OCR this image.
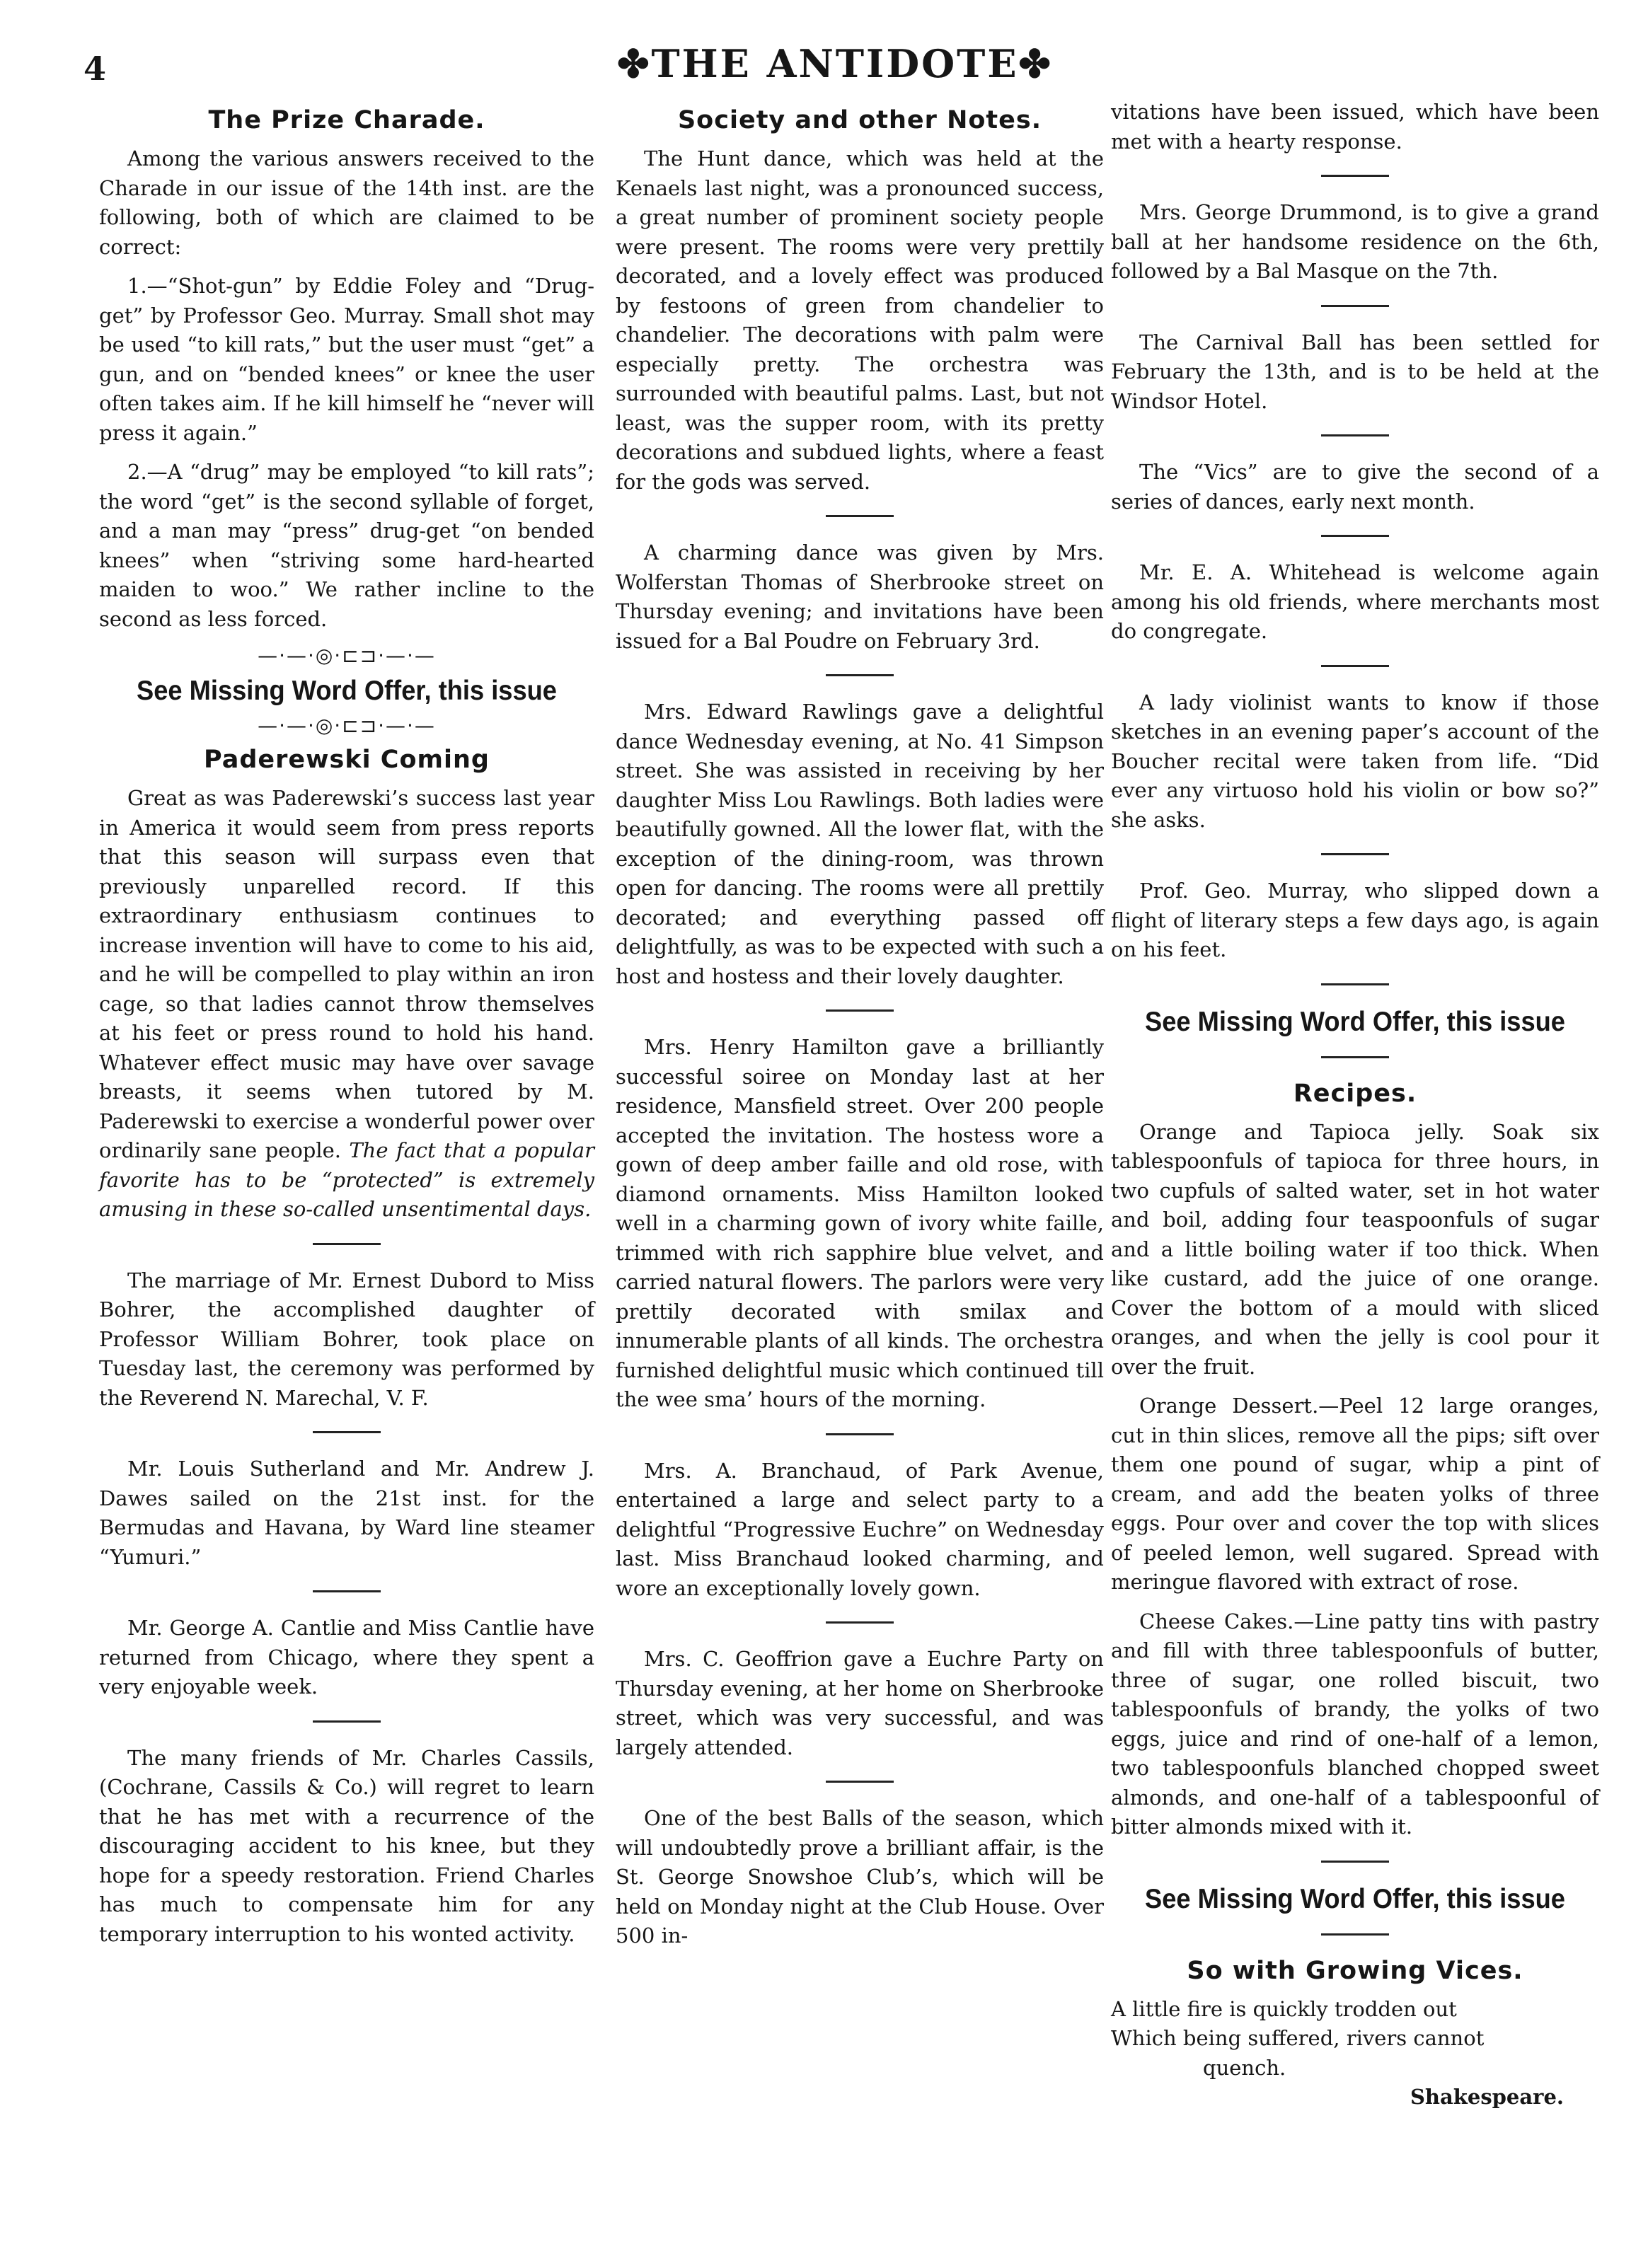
4	✤THE ANTIDOTE✤
The Prize Charade.

Among the various answers received to the Charade in our issue of the 14th inst. are the following, both of which are claimed to be correct:

1.—“Shot-gun” by Eddie Foley and “Drug-get” by Professor Geo. Murray. Small shot may be used “to kill rats,” but the user must “get” a gun, and on “bended knees” or knee the user often takes aim. If he kill himself he “never will press it again.”

2.—A “drug” may be employed “to kill rats”; the word “get” is the second syllable of forget, and a man may “press” drug-get “on bended knees” when “striving some hard-hearted maiden to woo.” We rather incline to the second as less forced.

—·—·◎·⊏⊐·—·—
See Missing Word Offer, this issue
—·—·◎·⊏⊐·—·—
Paderewski Coming

Great as was Paderewski’s success last year in America it would seem from press reports that this season will surpass even that previously unparelled record. If this extraordinary enthusiasm continues to increase invention will have to come to his aid, and he will be compelled to play within an iron cage, so that ladies cannot throw themselves at his feet or press round to hold his hand. Whatever effect music may have over savage breasts, it seems when tutored by M. Paderewski to exercise a wonderful power over ordinarily sane people. The fact that a popular favorite has to be “protected” is extremely amusing in these so-called unsentimental days.

The marriage of Mr. Ernest Dubord to Miss Bohrer, the accomplished daughter of Professor William Bohrer, took place on Tuesday last, the ceremony was performed by the Reverend N. Marechal, V. F.

Mr. Louis Sutherland and Mr. Andrew J. Dawes sailed on the 21st inst. for the Bermudas and Havana, by Ward line steamer “Yumuri.”

Mr. George A. Cantlie and Miss Cantlie have returned from Chicago, where they spent a very enjoyable week.

The many friends of Mr. Charles Cassils, (Cochrane, Cassils & Co.) will regret to learn that he has met with a recurrence of the discouraging accident to his knee, but they hope for a speedy restoration. Friend Charles has much to compensate him for any temporary interruption to his wonted activity.

Society and other Notes.

The Hunt dance, which was held at the Kenaels last night, was a pronounced success, a great number of prominent society people were present. The rooms were very prettily decorated, and a lovely effect was produced by festoons of green from chandelier to chandelier. The decorations with palm were especially pretty. The orchestra was surrounded with beautiful palms. Last, but not least, was the supper room, with its pretty decorations and subdued lights, where a feast for the gods was served.

A charming dance was given by Mrs. Wolferstan Thomas of Sherbrooke street on Thursday evening; and invitations have been issued for a Bal Poudre on February 3rd.

Mrs. Edward Rawlings gave a delightful dance Wednesday evening, at No. 41 Simpson street. She was assisted in receiving by her daughter Miss Lou Rawlings. Both ladies were beautifully gowned. All the lower flat, with the exception of the dining-room, was thrown open for dancing. The rooms were all prettily decorated; and everything passed off delightfully, as was to be expected with such a host and hostess and their lovely daughter.

Mrs. Henry Hamilton gave a brilliantly successful soiree on Monday last at her residence, Mansfield street. Over 200 people accepted the invitation. The hostess wore a gown of deep amber faille and old rose, with diamond ornaments. Miss Hamilton looked well in a charming gown of ivory white faille, trimmed with rich sapphire blue velvet, and carried natural flowers. The parlors were very prettily decorated with smilax and innumerable plants of all kinds. The orchestra furnished delightful music which continued till the wee sma’ hours of the morning.

Mrs. A. Branchaud, of Park Avenue, entertained a large and select party to a delightful “Progressive Euchre” on Wednesday last. Miss Branchaud looked charming, and wore an exceptionally lovely gown.

Mrs. C. Geoffrion gave a Euchre Party on Thursday evening, at her home on Sherbrooke street, which was very successful, and was largely attended.

One of the best Balls of the season, which will undoubtedly prove a brilliant affair, is the St. George Snowshoe Club’s, which will be held on Monday night at the Club House. Over 500 in-

vitations have been issued, which have been met with a hearty response.

Mrs. George Drummond, is to give a grand ball at her handsome residence on the 6th, followed by a Bal Masque on the 7th.

The Carnival Ball has been settled for February the 13th, and is to be held at the Windsor Hotel.

The “Vics” are to give the second of a series of dances, early next month.

Mr. E. A. Whitehead is welcome again among his old friends, where merchants most do congregate.

A lady violinist wants to know if those sketches in an evening paper’s account of the Boucher recital were taken from life. “Did ever any virtuoso hold his violin or bow so?” she asks.

Prof. Geo. Murray, who slipped down a flight of literary steps a few days ago, is again on his feet.

See Missing Word Offer, this issue
Recipes.

Orange and Tapioca jelly. Soak six tablespoonfuls of tapioca for three hours, in two cupfuls of salted water, set in hot water and boil, adding four teaspoonfuls of sugar and a little boiling water if too thick. When like custard, add the juice of one orange. Cover the bottom of a mould with sliced oranges, and when the jelly is cool pour it over the fruit.

Orange Dessert.—Peel 12 large oranges, cut in thin slices, remove all the pips; sift over them one pound of sugar, whip a pint of cream, and add the beaten yolks of three eggs. Pour over and cover the top with slices of peeled lemon, well sugared. Spread with meringue flavored with extract of rose.

Cheese Cakes.—Line patty tins with pastry and fill with three tablespoonfuls of butter, three of sugar, one rolled biscuit, two tablespoonfuls of brandy, the yolks of two eggs, juice and rind of one-half of a lemon, two tablespoonfuls blanched chopped sweet almonds, and one-half of a tablespoonful of bitter almonds mixed with it.

See Missing Word Offer, this issue
So with Growing Vices.

A little fire is quickly trodden out

Which being suffered, rivers cannot

quench.

Shakespeare.
